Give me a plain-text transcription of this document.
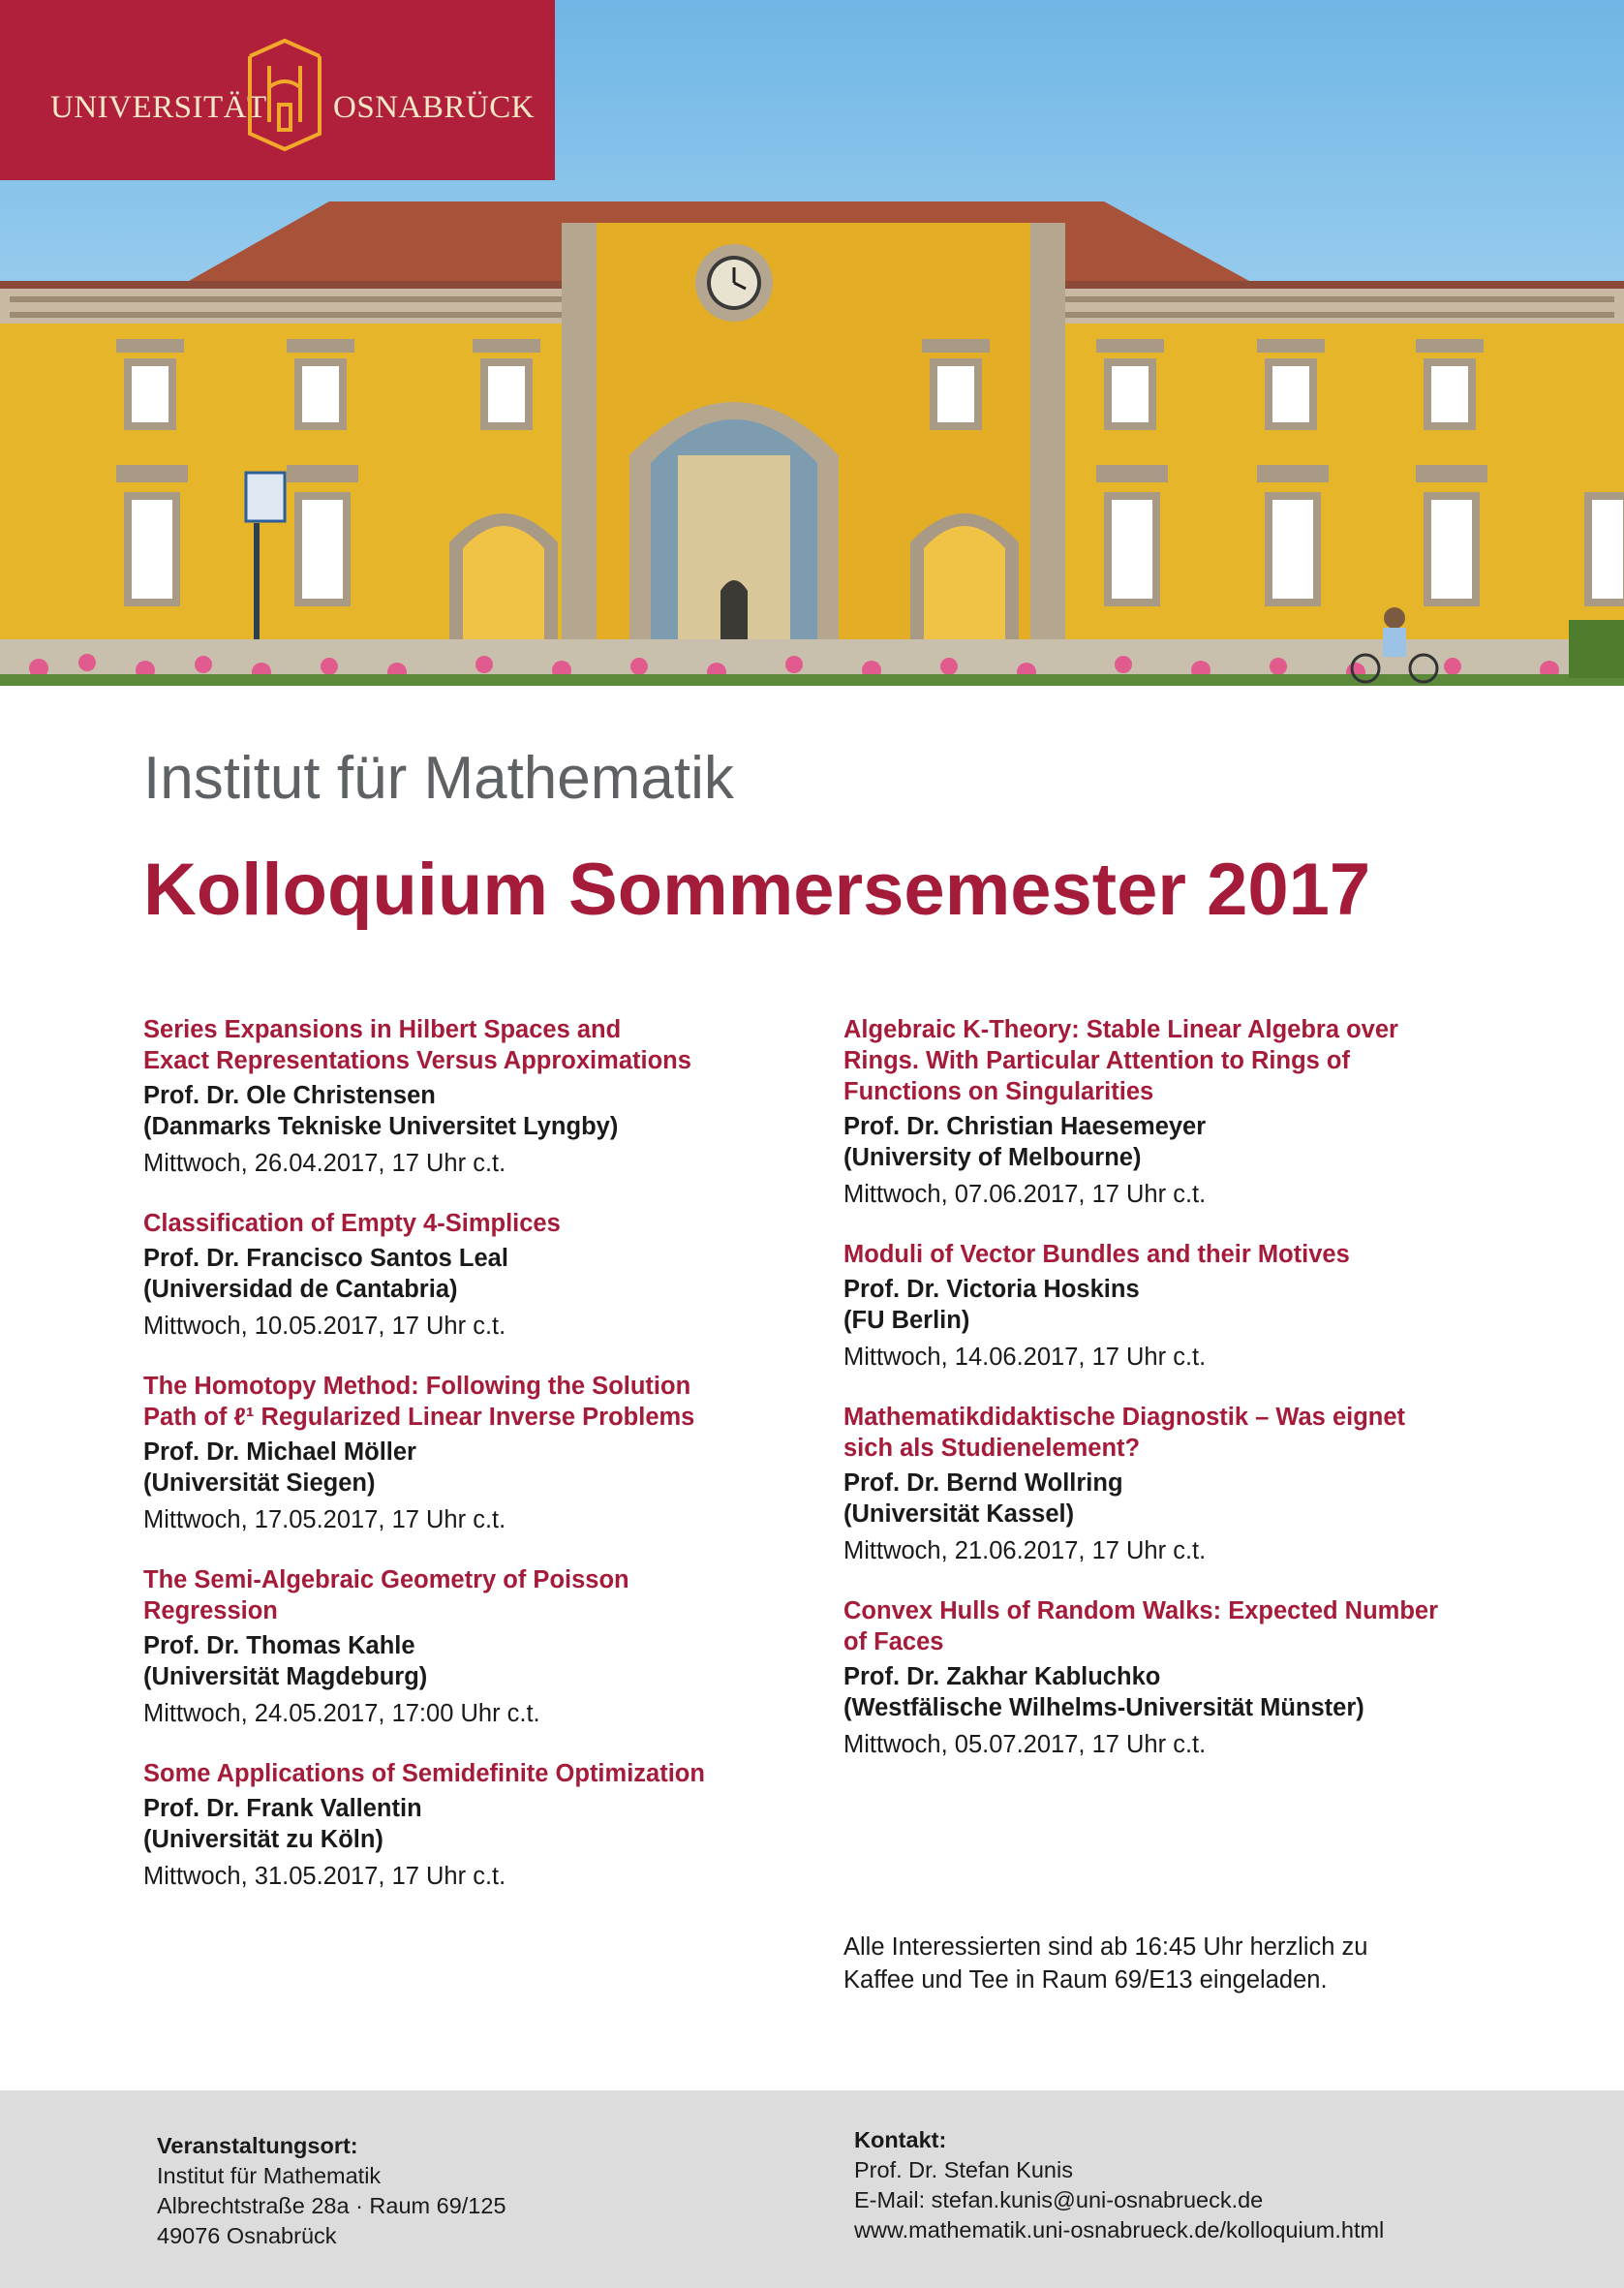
UNIVERSITÄT OSNABRÜCK
Institut für Mathematik
Kolloquium Sommersemester 2017
Series Expansions in Hilbert Spaces and
Exact Representations Versus Approximations
Prof. Dr. Ole Christensen
(Danmarks Tekniske Universitet Lyngby)
Mittwoch, 26.04.2017, 17 Uhr c.t.
Classification of Empty 4-Simplices
Prof. Dr. Francisco Santos Leal
(Universidad de Cantabria)
Mittwoch, 10.05.2017, 17 Uhr c.t.
The Homotopy Method: Following the Solution
Path of ℓ¹ Regularized Linear Inverse Problems
Prof. Dr. Michael Möller
(Universität Siegen)
Mittwoch, 17.05.2017, 17 Uhr c.t.
The Semi-Algebraic Geometry of Poisson
Regression
Prof. Dr. Thomas Kahle
(Universität Magdeburg)
Mittwoch, 24.05.2017, 17:00 Uhr c.t.
Some Applications of Semidefinite Optimization
Prof. Dr. Frank Vallentin
(Universität zu Köln)
Mittwoch, 31.05.2017, 17 Uhr c.t.
Algebraic K-Theory: Stable Linear Algebra over
Rings. With Particular Attention to Rings of
Functions on Singularities
Prof. Dr. Christian Haesemeyer
(University of Melbourne)
Mittwoch, 07.06.2017, 17 Uhr c.t.
Moduli of Vector Bundles and their Motives
Prof. Dr. Victoria Hoskins
(FU Berlin)
Mittwoch, 14.06.2017, 17 Uhr c.t.
Mathematikdidaktische Diagnostik – Was eignet
sich als Studienelement?
Prof. Dr. Bernd Wollring
(Universität Kassel)
Mittwoch, 21.06.2017, 17 Uhr c.t.
Convex Hulls of Random Walks: Expected Number
of Faces
Prof. Dr. Zakhar Kabluchko
(Westfälische Wilhelms-Universität Münster)
Mittwoch, 05.07.2017, 17 Uhr c.t.
Alle Interessierten sind ab 16:45 Uhr herzlich zu
Kaffee und Tee in Raum 69/E13 eingeladen.
Veranstaltungsort:
Institut für Mathematik
Albrechtstraße 28a · Raum 69/125
49076 Osnabrück
Kontakt:
Prof. Dr. Stefan Kunis
E-Mail: stefan.kunis@uni-osnabrueck.de
www.mathematik.uni-osnabrueck.de/kolloquium.html
